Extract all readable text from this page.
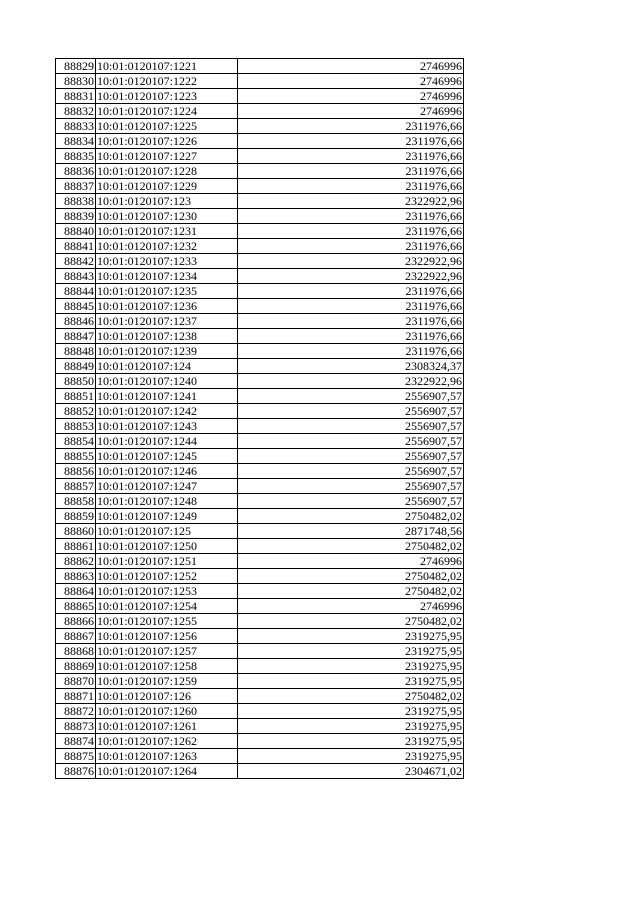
88829	10:01:0120107:1221	2746996
88830	10:01:0120107:1222	2746996
88831	10:01:0120107:1223	2746996
88832	10:01:0120107:1224	2746996
88833	10:01:0120107:1225	2311976,66
88834	10:01:0120107:1226	2311976,66
88835	10:01:0120107:1227	2311976,66
88836	10:01:0120107:1228	2311976,66
88837	10:01:0120107:1229	2311976,66
88838	10:01:0120107:123	2322922,96
88839	10:01:0120107:1230	2311976,66
88840	10:01:0120107:1231	2311976,66
88841	10:01:0120107:1232	2311976,66
88842	10:01:0120107:1233	2322922,96
88843	10:01:0120107:1234	2322922,96
88844	10:01:0120107:1235	2311976,66
88845	10:01:0120107:1236	2311976,66
88846	10:01:0120107:1237	2311976,66
88847	10:01:0120107:1238	2311976,66
88848	10:01:0120107:1239	2311976,66
88849	10:01:0120107:124	2308324,37
88850	10:01:0120107:1240	2322922,96
88851	10:01:0120107:1241	2556907,57
88852	10:01:0120107:1242	2556907,57
88853	10:01:0120107:1243	2556907,57
88854	10:01:0120107:1244	2556907,57
88855	10:01:0120107:1245	2556907,57
88856	10:01:0120107:1246	2556907,57
88857	10:01:0120107:1247	2556907,57
88858	10:01:0120107:1248	2556907,57
88859	10:01:0120107:1249	2750482,02
88860	10:01:0120107:125	2871748,56
88861	10:01:0120107:1250	2750482,02
88862	10:01:0120107:1251	2746996
88863	10:01:0120107:1252	2750482,02
88864	10:01:0120107:1253	2750482,02
88865	10:01:0120107:1254	2746996
88866	10:01:0120107:1255	2750482,02
88867	10:01:0120107:1256	2319275,95
88868	10:01:0120107:1257	2319275,95
88869	10:01:0120107:1258	2319275,95
88870	10:01:0120107:1259	2319275,95
88871	10:01:0120107:126	2750482,02
88872	10:01:0120107:1260	2319275,95
88873	10:01:0120107:1261	2319275,95
88874	10:01:0120107:1262	2319275,95
88875	10:01:0120107:1263	2319275,95
88876	10:01:0120107:1264	2304671,02
